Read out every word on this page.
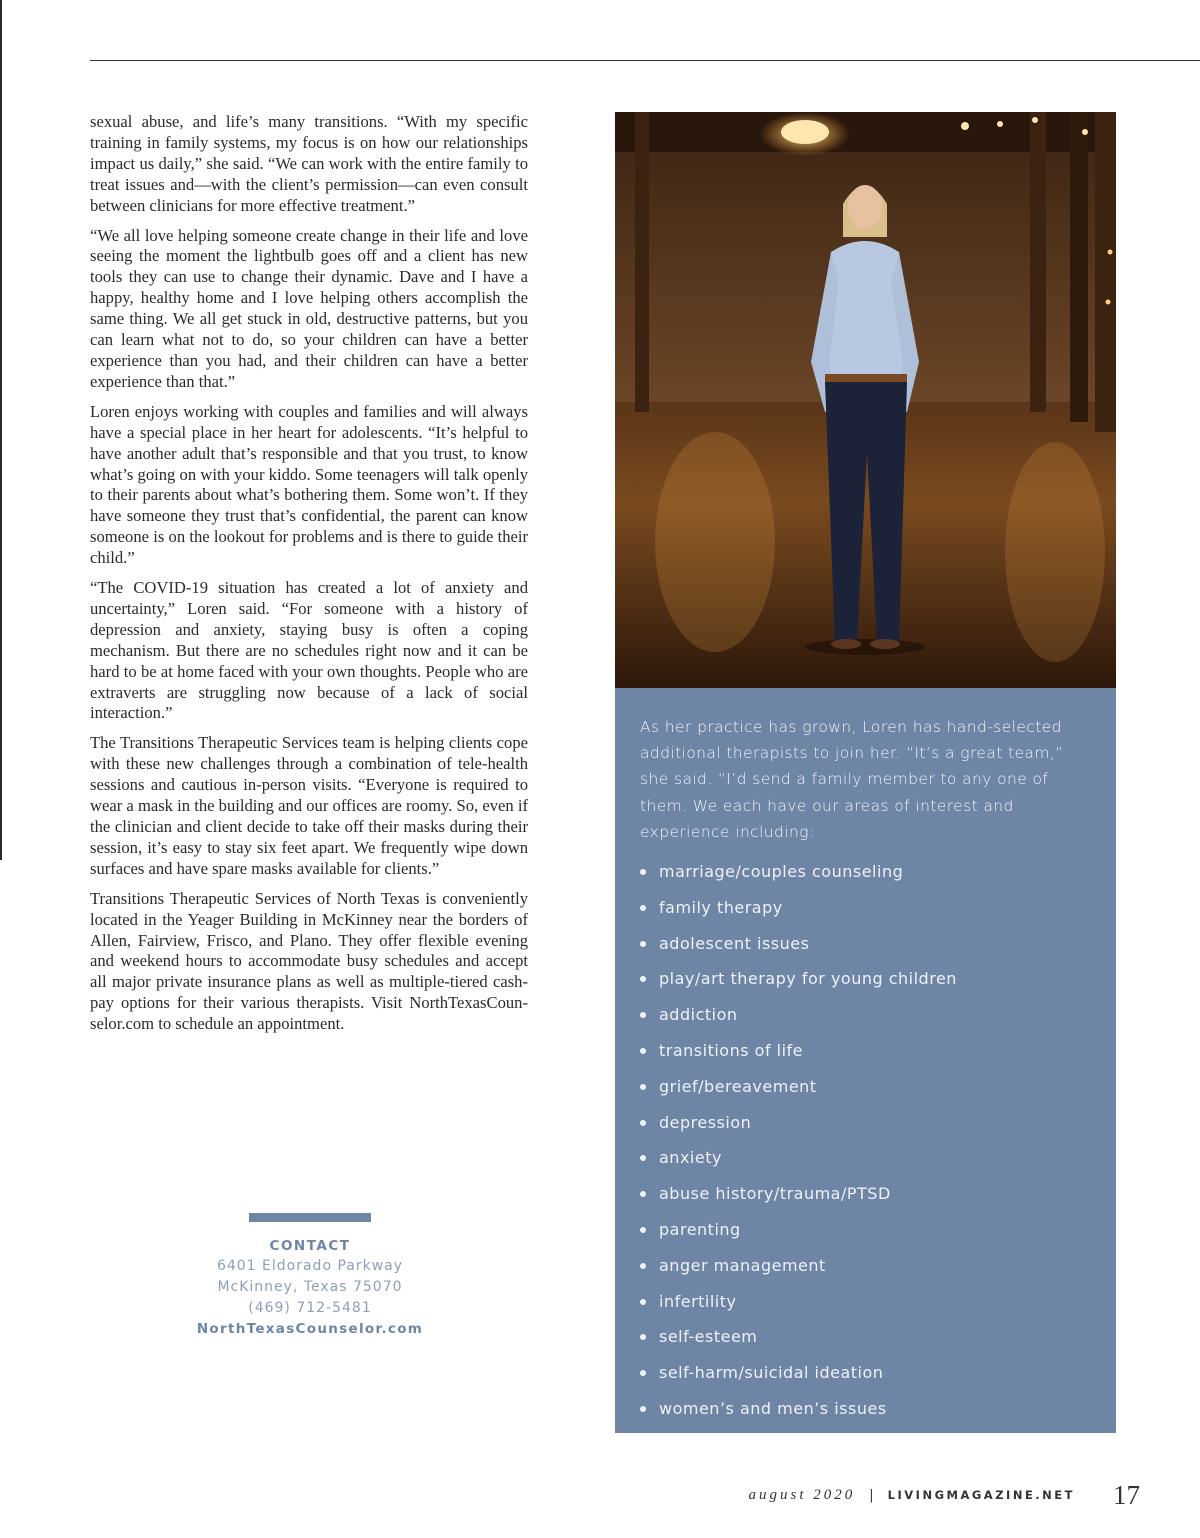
sexual abuse, and life’s many transitions. “With my specific training in family systems, my focus is on how our relationships impact us daily,” she said. “We can work with the entire family to treat issues and—with the client’s permission—can even consult between clinicians for more effective treatment.”

“We all love helping someone create change in their life and love seeing the moment the lightbulb goes off and a client has new tools they can use to change their dynamic. Dave and I have a happy, healthy home and I love helping others accomplish the same thing. We all get stuck in old, destructive patterns, but you can learn what not to do, so your children can have a better experience than you had, and their children can have a better experience than that.”

Loren enjoys working with couples and families and will always have a special place in her heart for adolescents. “It’s helpful to have another adult that’s responsible and that you trust, to know what’s going on with your kiddo. Some teenagers will talk openly to their parents about what’s bothering them. Some won’t. If they have someone they trust that’s confidential, the parent can know someone is on the lookout for problems and is there to guide their child.”

“The COVID-19 situation has created a lot of anxiety and uncertainty,” Loren said. “For someone with a history of depression and anxiety, staying busy is often a coping mechanism. But there are no schedules right now and it can be hard to be at home faced with your own thoughts. People who are extraverts are struggling now because of a lack of social interaction.”

The Transitions Therapeutic Services team is helping clients cope with these new challenges through a combination of tele-health sessions and cautious in-person visits. “Everyone is required to wear a mask in the building and our offices are roomy. So, even if the clinician and client decide to take off their masks during their session, it’s easy to stay six feet apart. We frequently wipe down surfaces and have spare masks available for clients.”

Transitions Therapeutic Services of North Texas is conveniently located in the Yeager Building in McKinney near the borders of Allen, Fairview, Frisco, and Plano. They offer flexible evening and weekend hours to accommodate busy schedules and accept all major private insurance plans as well as multiple-tiered cash-pay options for their various therapists. Visit NorthTexasCounselor.com to schedule an appointment.

As her practice has grown, Loren has hand-selected additional therapists to join her. “It’s a great team,” she said. “I’d send a family member to any one of them. We each have our areas of interest and experience including:

marriage/couples counseling
family therapy
adolescent issues
play/art therapy for young children
addiction
transitions of life
grief/bereavement
depression
anxiety
abuse history/trauma/PTSD
parenting
anger management
infertility
self-esteem
self-harm/suicidal ideation
women’s and men’s issues
CONTACT
6401 Eldorado Parkway
McKinney, Texas 75070
(469) 712-5481
NorthTexasCounselor.com
august 2020 | LIVINGMAGAZINE.NET 17
